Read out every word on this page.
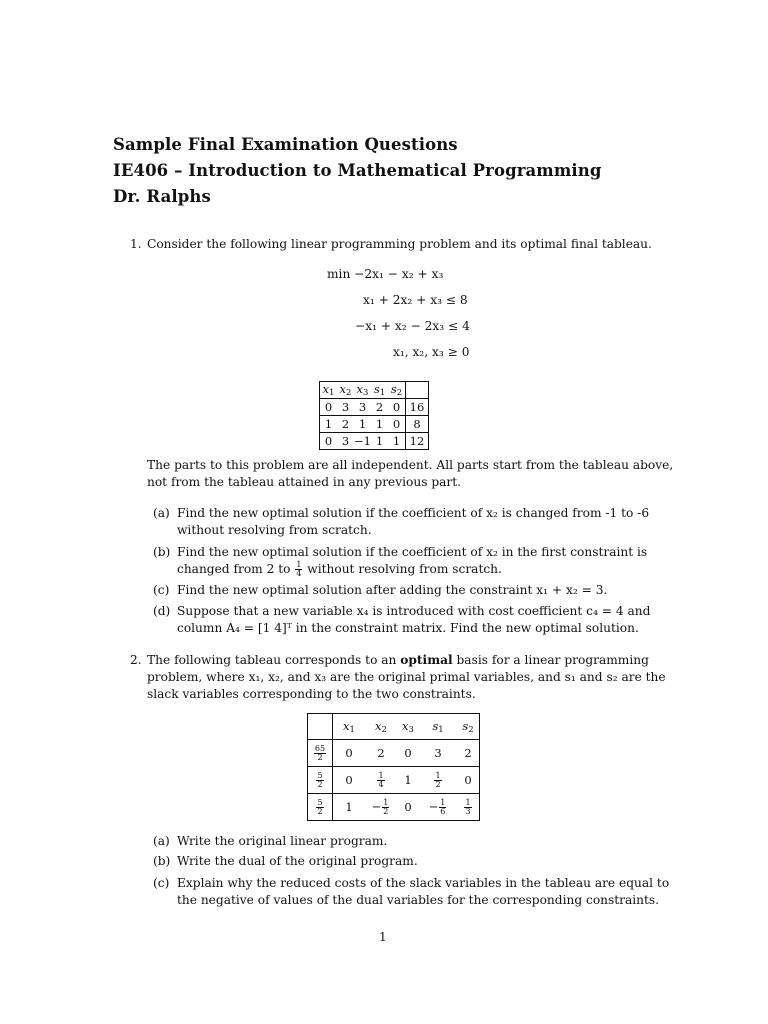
Sample Final Examination Questions
IE406 – Introduction to Mathematical Programming
Dr. Ralphs
1. Consider the following linear programming problem and its optimal final tableau.
min −2x₁ − x₂ + x₃
x₁ + 2x₂ + x₃ ≤ 8
−x₁ + x₂ − 2x₃ ≤ 4
x₁, x₂, x₃ ≥ 0
$x_1$	$x_2$	$x_3$	$s_1$	$s_2$	
0	3	3	2	0	16
1	2	1	1	0	8
0	3	−1	1	1	12
The parts to this problem are all independent. All parts start from the tableau above,
not from the tableau attained in any previous part.
(a) Find the new optimal solution if the coefficient of x₂ is changed from -1 to -6
without resolving from scratch.
(b) Find the new optimal solution if the coefficient of x₂ in the first constraint is
changed from 2 to $\frac{1}{4}$ without resolving from scratch.
(c) Find the new optimal solution after adding the constraint x₁ + x₂ = 3.
(d) Suppose that a new variable x₄ is introduced with cost coefficient c₄ = 4 and
column A₄ = [1 4]ᵀ in the constraint matrix. Find the new optimal solution.
2. The following tableau corresponds to an optimal basis for a linear programming
problem, where x₁, x₂, and x₃ are the original primal variables, and s₁ and s₂ are the
slack variables corresponding to the two constraints.
	$x_1$	$x_2$	$x_3$	$s_1$	$s_2$

$\frac{65}{2}$	0	2	0	3	2

$\frac{5}{2}$	0	$\frac{1}{4}$	1	$\frac{1}{2}$	0

$\frac{5}{2}$	1	− $\frac{1}{2}$	0	− $\frac{1}{6}$	$\frac{1}{3}$
(a) Write the original linear program.
(b) Write the dual of the original program.
(c) Explain why the reduced costs of the slack variables in the tableau are equal to
the negative of values of the dual variables for the corresponding constraints.
1
